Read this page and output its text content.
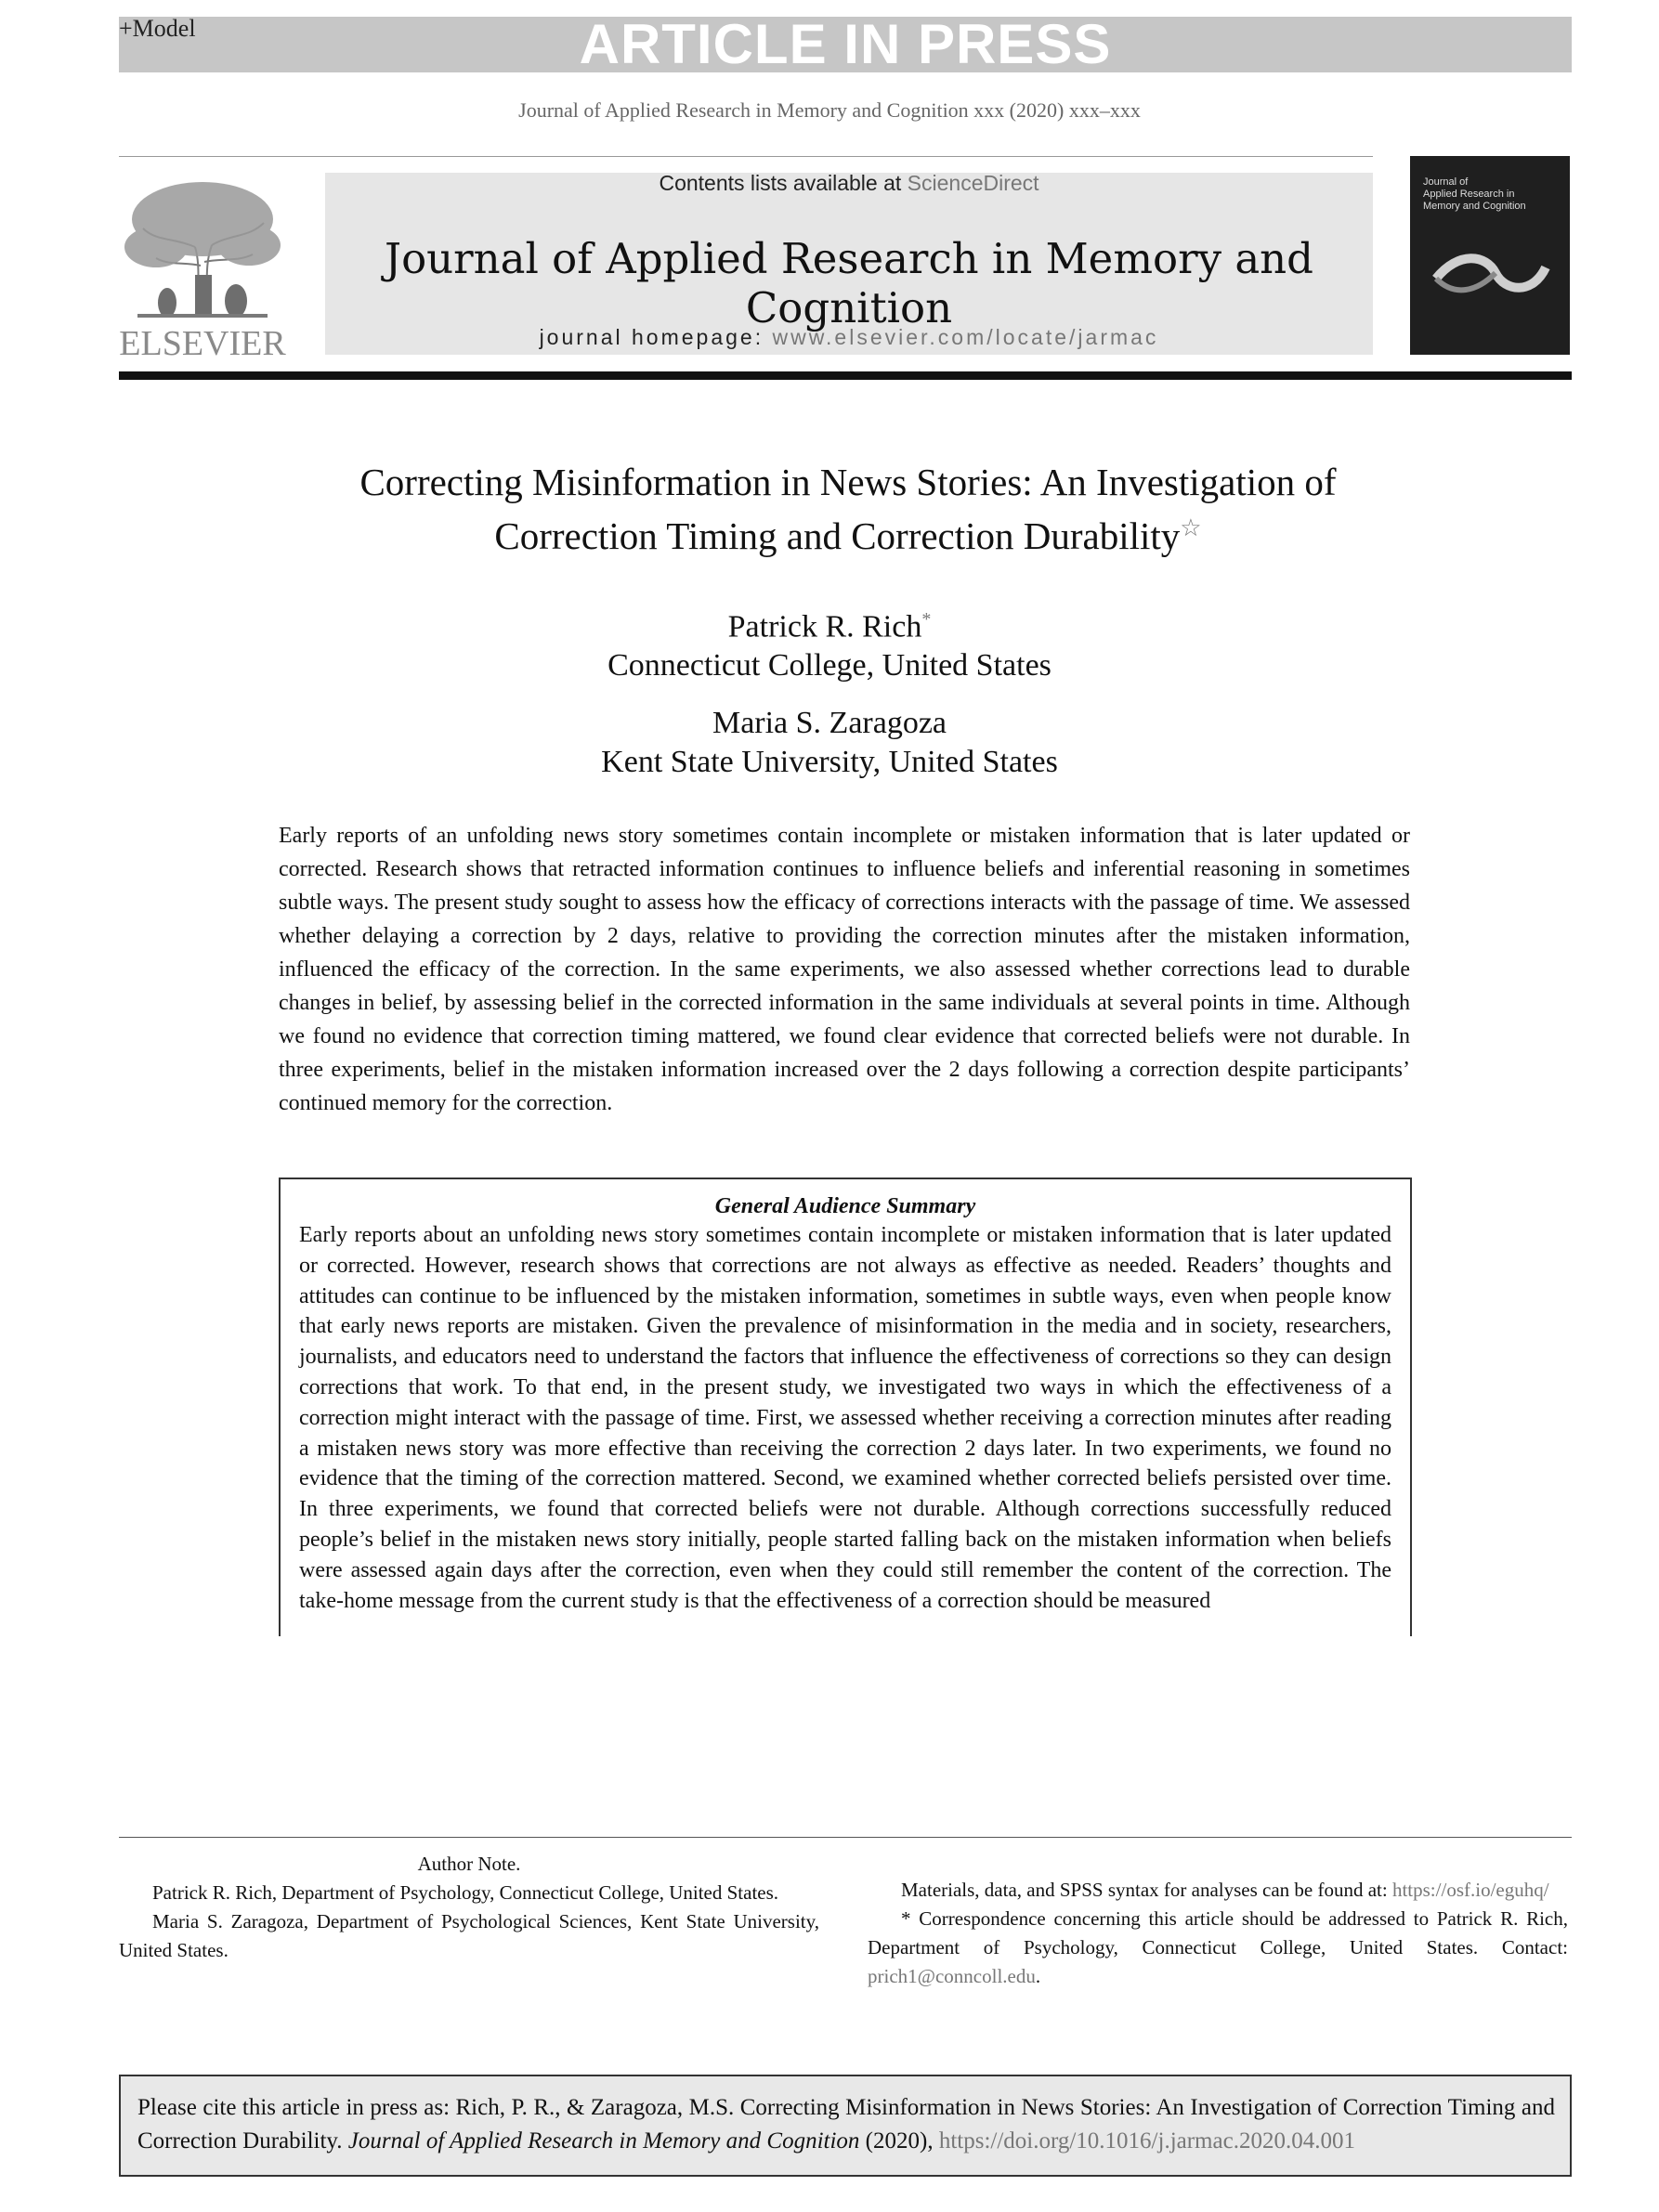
ARTICLE IN PRESS
+Model
Journal of Applied Research in Memory and Cognition xxx (2020) xxx–xxx
ELSEVIER
Contents lists available at ScienceDirect
Journal of Applied Research in Memory and Cognition
journal homepage: www.elsevier.com/locate/jarmac
Journal of
Applied Research in
Memory and Cognition
Correcting Misinformation in News Stories: An Investigation of
Correction Timing and Correction Durability☆
Patrick R. Rich*
Connecticut College, United States
Maria S. Zaragoza
Kent State University, United States
Early reports of an unfolding news story sometimes contain incomplete or mistaken information that is later updated or corrected. Research shows that retracted information continues to influence beliefs and inferential reasoning in sometimes subtle ways. The present study sought to assess how the efficacy of corrections interacts with the passage of time. We assessed whether delaying a correction by 2 days, relative to providing the correction minutes after the mistaken information, influenced the efficacy of the correction. In the same experiments, we also assessed whether corrections lead to durable changes in belief, by assessing belief in the corrected information in the same individuals at several points in time. Although we found no evidence that correction timing mattered, we found clear evidence that corrected beliefs were not durable. In three experiments, belief in the mistaken information increased over the 2 days following a correction despite participants’ continued memory for the correction.
General Audience Summary
Early reports about an unfolding news story sometimes contain incomplete or mistaken information that is later updated or corrected. However, research shows that corrections are not always as effective as needed. Readers’ thoughts and attitudes can continue to be influenced by the mistaken information, sometimes in subtle ways, even when people know that early news reports are mistaken. Given the prevalence of misinformation in the media and in society, researchers, journalists, and educators need to understand the factors that influence the effectiveness of corrections so they can design corrections that work. To that end, in the present study, we investigated two ways in which the effectiveness of a correction might interact with the passage of time. First, we assessed whether receiving a correction minutes after reading a mistaken news story was more effective than receiving the correction 2 days later. In two experiments, we found no evidence that the timing of the correction mattered. Second, we examined whether corrected beliefs persisted over time. In three experiments, we found that corrected beliefs were not durable. Although corrections successfully reduced people’s belief in the mistaken news story initially, people started falling back on the mistaken information when beliefs were assessed again days after the correction, even when they could still remember the content of the correction. The take-home message from the current study is that the effectiveness of a correction should be measured
Author Note.
Patrick R. Rich, Department of Psychology, Connecticut College, United States.
Maria S. Zaragoza, Department of Psychological Sciences, Kent State University, United States.
Materials, data, and SPSS syntax for analyses can be found at: https://osf.io/eguhq/
* Correspondence concerning this article should be addressed to Patrick R. Rich, Department of Psychology, Connecticut College, United States. Contact: prich1@conncoll.edu.
Please cite this article in press as: Rich, P. R., & Zaragoza, M.S. Correcting Misinformation in News Stories: An Investigation of Correction Timing and Correction Durability. Journal of Applied Research in Memory and Cognition (2020), https://doi.org/10.1016/j.jarmac.2020.04.001
